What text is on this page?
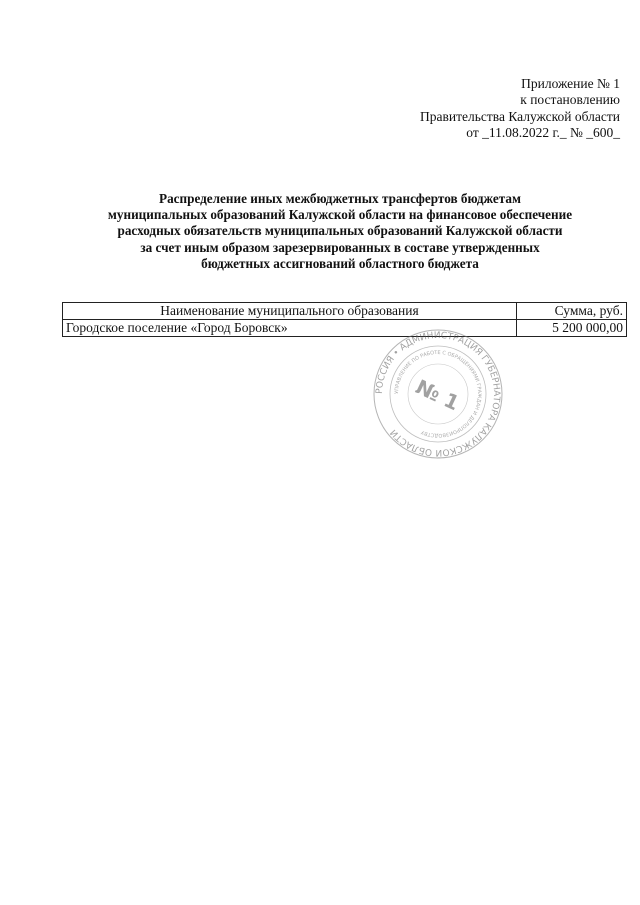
Приложение № 1
к постановлению
Правительства Калужской области
от _11.08.2022 г._ № _600_
Распределение иных межбюджетных трансфертов бюджетам
муниципальных образований Калужской области на финансовое обеспечение
расходных обязательств муниципальных образований Калужской области
за счет иным образом зарезервированных в составе утвержденных
бюджетных ассигнований областного бюджета
Наименование муниципального образования	Сумма, руб.
Городское поселение «Город Боровск»	5 200 000,00
РОССИЯ • АДМИНИСТРАЦИЯ ГУБЕРНАТОРА КАЛУЖСКОЙ ОБЛАСТИ
УПРАВЛЕНИЕ ПО РАБОТЕ С ОБРАЩЕНИЯМИ ГРАЖДАН И ДЕЛОПРОИЗВОДСТВУ
№ 1
